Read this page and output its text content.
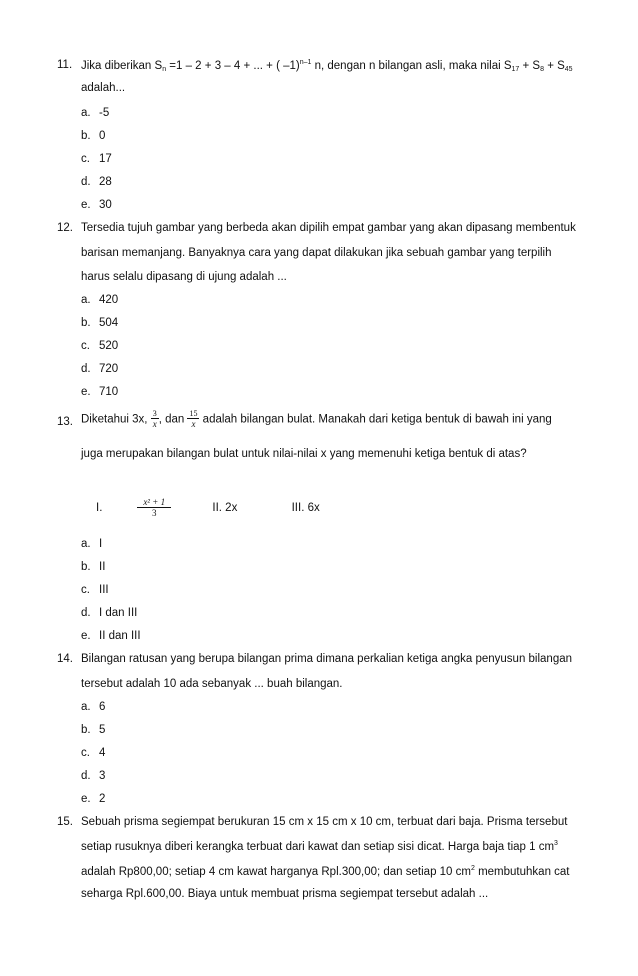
11. Jika diberikan $S_n =1 - 2 + 3 - 4$ + ... + ( –1)$^{n-1}$ n, dengan n bilangan asli, maka nilai $S_{17} + S_8 + S_{45}$
adalah...
a. -5
b. 0
c. 17
d. 28
e. 30
12. Tersedia tujuh gambar yang berbeda akan dipilih empat gambar yang akan dipasang membentuk
barisan memanjang. Banyaknya cara yang dapat dilakukan jika sebuah gambar yang terpilih
harus selalu dipasang di ujung adalah ...
a. 420
b. 504
c. 520
d. 720
e. 710
13. Diketahui 3x, $\frac{3}{x}$ , dan $\frac{15}{x}$ adalah bilangan bulat. Manakah dari ketiga bentuk di bawah ini yang
juga merupakan bilangan bulat untuk nilai-nilai x yang memenuhi ketiga bentuk di atas?
I.	$\frac{\text{x² + 1}}{3}$	II. 2x	III. 6x
a. I
b. II
c. III
d. I dan III
e. II dan III
14. Bilangan ratusan yang berupa bilangan prima dimana perkalian ketiga angka penyusun bilangan
tersebut adalah 10 ada sebanyak ... buah bilangan.
a. 6
b. 5
c. 4
d. 3
e. 2
15. Sebuah prisma segiempat berukuran 15 cm x 15 cm x 10 cm, terbuat dari baja. Prisma tersebut
setiap rusuknya diberi kerangka terbuat dari kawat dan setiap sisi dicat. Harga baja tiap 1 $cm^3$
adalah Rp800,00; setiap 4 cm kawat harganya Rpl.300,00; dan setiap 10 $cm^2$ membutuhkan cat
seharga Rpl.600,00. Biaya untuk membuat prisma segiempat tersebut adalah ...
